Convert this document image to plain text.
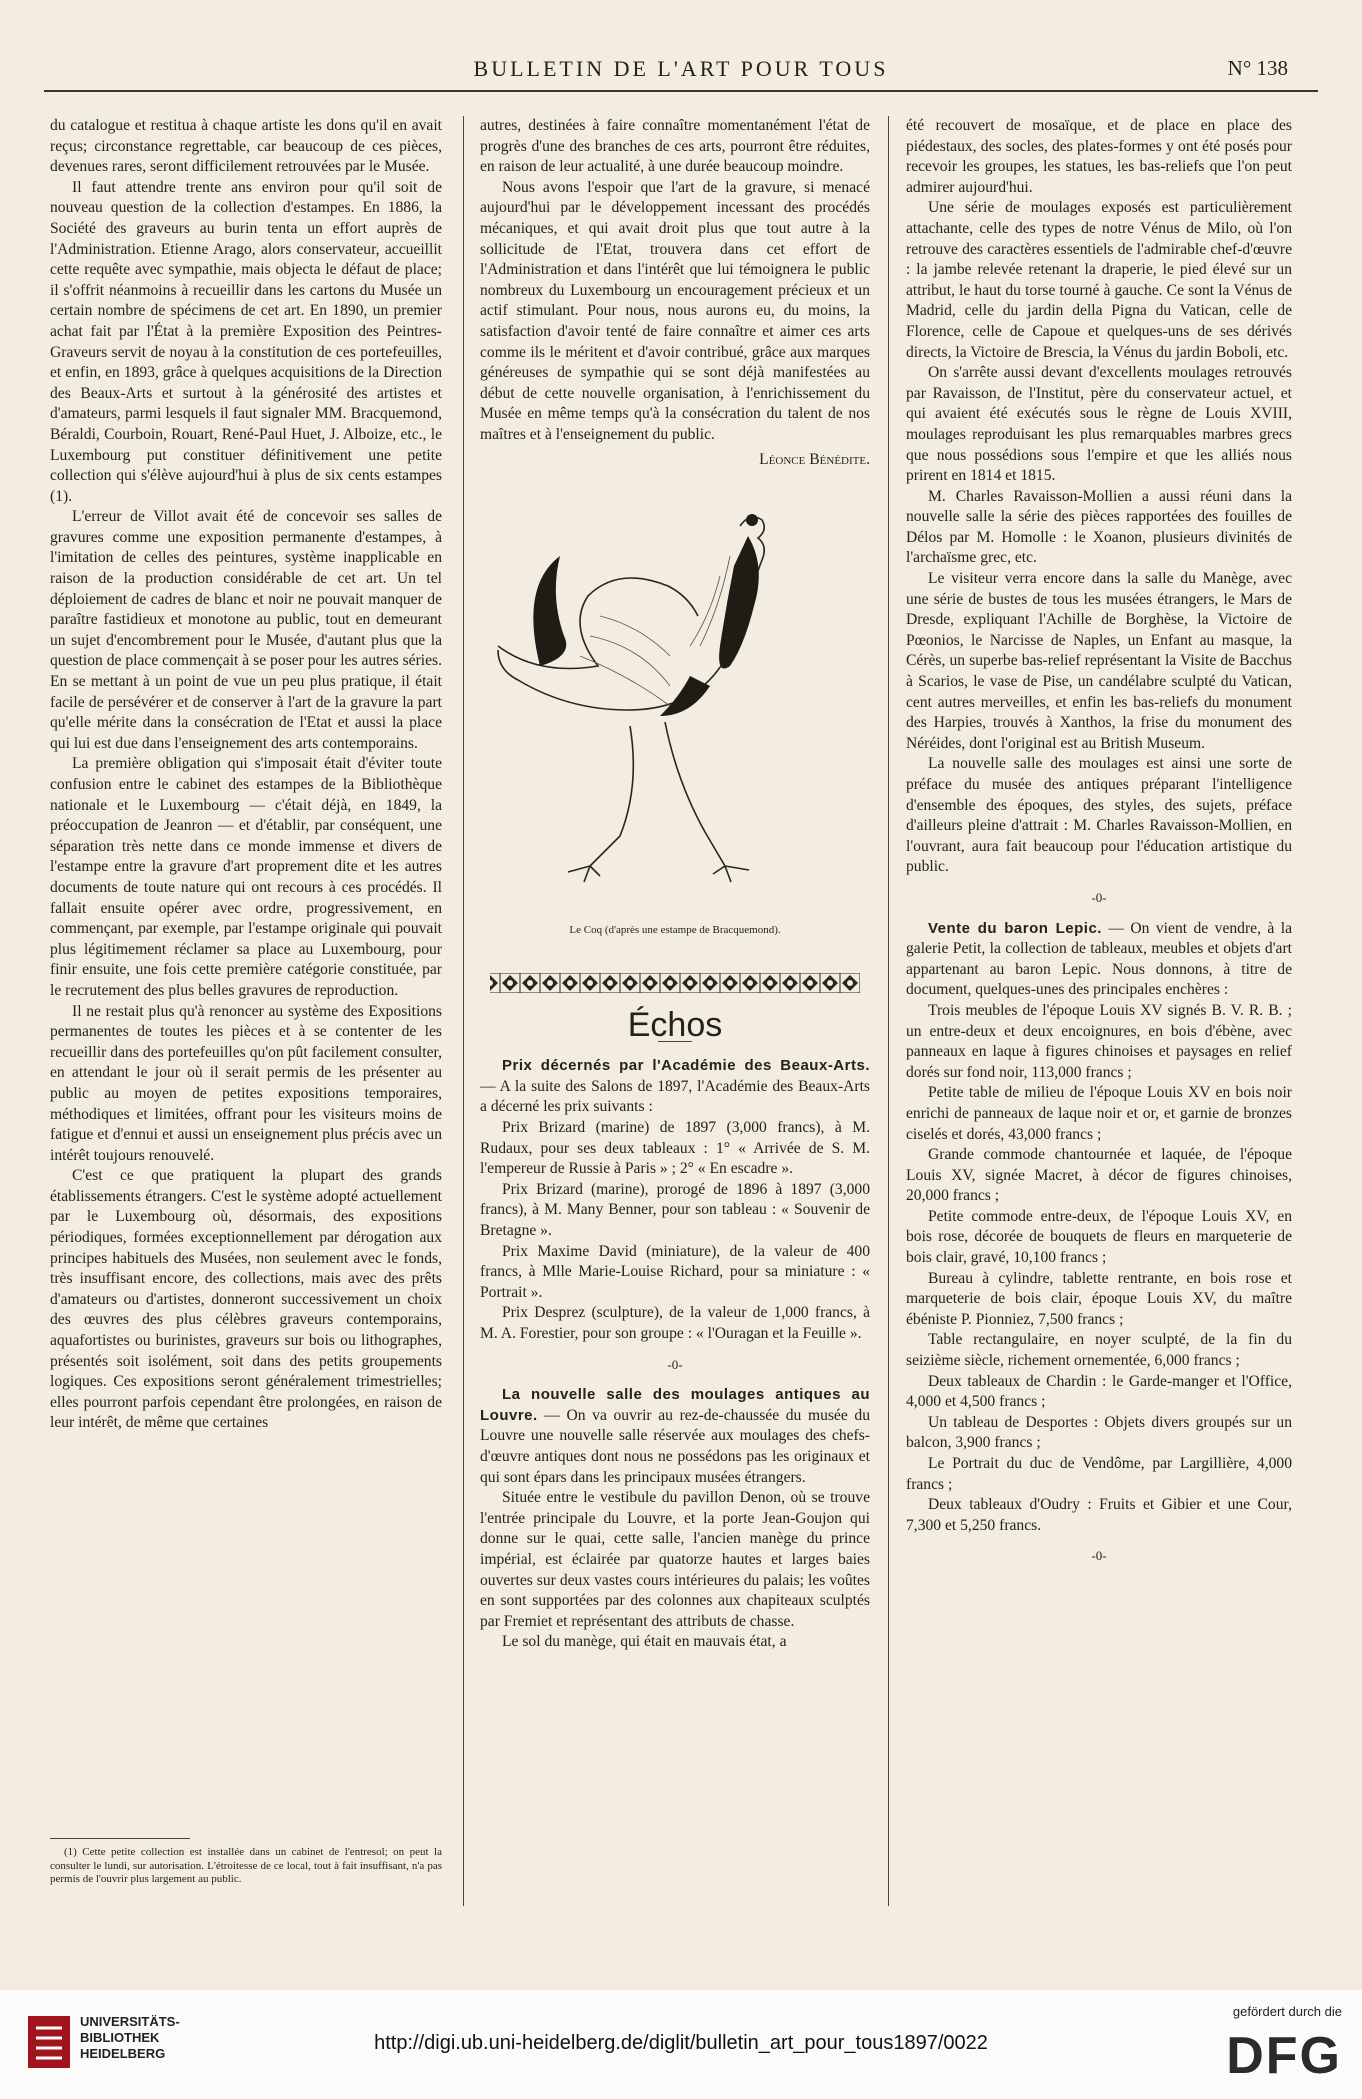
BULLETIN DE L'ART POUR TOUS	N° 138

du catalogue et restitua à chaque artiste les dons qu'il en avait reçus; circonstance regrettable, car beaucoup de ces pièces, devenues rares, seront difficilement retrouvées par le Musée.

Il faut attendre trente ans environ pour qu'il soit de nouveau question de la collection d'estampes. En 1886, la Société des graveurs au burin tenta un effort auprès de l'Administration. Etienne Arago, alors conservateur, accueillit cette requête avec sympathie, mais objecta le défaut de place; il s'offrit néanmoins à recueillir dans les cartons du Musée un certain nombre de spécimens de cet art. En 1890, un premier achat fait par l'État à la première Exposition des Peintres-Graveurs servit de noyau à la constitution de ces portefeuilles, et enfin, en 1893, grâce à quelques acquisitions de la Direction des Beaux-Arts et surtout à la générosité des artistes et d'amateurs, parmi lesquels il faut signaler MM. Bracquemond, Béraldi, Courboin, Rouart, René-Paul Huet, J. Alboize, etc., le Luxembourg put constituer définitivement une petite collection qui s'élève aujourd'hui à plus de six cents estampes (1).

L'erreur de Villot avait été de concevoir ses salles de gravures comme une exposition permanente d'estampes, à l'imitation de celles des peintures, système inapplicable en raison de la production considérable de cet art. Un tel déploiement de cadres de blanc et noir ne pouvait manquer de paraître fastidieux et monotone au public, tout en demeurant un sujet d'encombrement pour le Musée, d'autant plus que la question de place commençait à se poser pour les autres séries. En se mettant à un point de vue un peu plus pratique, il était facile de persévérer et de conserver à l'art de la gravure la part qu'elle mérite dans la consécration de l'Etat et aussi la place qui lui est due dans l'enseignement des arts contemporains.

La première obligation qui s'imposait était d'éviter toute confusion entre le cabinet des estampes de la Bibliothèque nationale et le Luxembourg — c'était déjà, en 1849, la préoccupation de Jeanron — et d'établir, par conséquent, une séparation très nette dans ce monde immense et divers de l'estampe entre la gravure d'art proprement dite et les autres documents de toute nature qui ont recours à ces procédés. Il fallait ensuite opérer avec ordre, progressivement, en commençant, par exemple, par l'estampe originale qui pouvait plus légitimement réclamer sa place au Luxembourg, pour finir ensuite, une fois cette première catégorie constituée, par le recrutement des plus belles gravures de reproduction.

Il ne restait plus qu'à renoncer au système des Expositions permanentes de toutes les pièces et à se contenter de les recueillir dans des portefeuilles qu'on pût facilement consulter, en attendant le jour où il serait permis de les présenter au public au moyen de petites expositions temporaires, méthodiques et limitées, offrant pour les visiteurs moins de fatigue et d'ennui et aussi un enseignement plus précis avec un intérêt toujours renouvelé.

C'est ce que pratiquent la plupart des grands établissements étrangers. C'est le système adopté actuellement par le Luxembourg où, désormais, des expositions périodiques, formées exceptionnellement par dérogation aux principes habituels des Musées, non seulement avec le fonds, très insuffisant encore, des collections, mais avec des prêts d'amateurs ou d'artistes, donneront successivement un choix des œuvres des plus célèbres graveurs contemporains, aquafortistes ou burinistes, graveurs sur bois ou lithographes, présentés soit isolément, soit dans des petits groupements logiques. Ces expositions seront généralement trimestrielles; elles pourront parfois cependant être prolongées, en raison de leur intérêt, de même que certaines

(1) Cette petite collection est installée dans un cabinet de l'entresol; on peut la consulter le lundi, sur autorisation. L'étroitesse de ce local, tout à fait insuffisant, n'a pas permis de l'ouvrir plus largement au public.

autres, destinées à faire connaître momentanément l'état de progrès d'une des branches de ces arts, pourront être réduites, en raison de leur actualité, à une durée beaucoup moindre.

Nous avons l'espoir que l'art de la gravure, si menacé aujourd'hui par le développement incessant des procédés mécaniques, et qui avait droit plus que tout autre à la sollicitude de l'Etat, trouvera dans cet effort de l'Administration et dans l'intérêt que lui témoignera le public nombreux du Luxembourg un encouragement précieux et un actif stimulant. Pour nous, nous aurons eu, du moins, la satisfaction d'avoir tenté de faire connaître et aimer ces arts comme ils le méritent et d'avoir contribué, grâce aux marques généreuses de sympathie qui se sont déjà manifestées au début de cette nouvelle organisation, à l'enrichissement du Musée en même temps qu'à la consécration du talent de nos maîtres et à l'enseignement du public.

Léonce Bénédite.

Le Coq (d'après une estampe de Bracquemond).
Échos

Prix décernés par l'Académie des Beaux-Arts. — A la suite des Salons de 1897, l'Académie des Beaux-Arts a décerné les prix suivants :

Prix Brizard (marine) de 1897 (3,000 francs), à M. Rudaux, pour ses deux tableaux : 1° « Arrivée de S. M. l'empereur de Russie à Paris » ; 2° « En escadre ».

Prix Brizard (marine), prorogé de 1896 à 1897 (3,000 francs), à M. Many Benner, pour son tableau : « Souvenir de Bretagne ».

Prix Maxime David (miniature), de la valeur de 400 francs, à Mlle Marie-Louise Richard, pour sa miniature : « Portrait ».

Prix Desprez (sculpture), de la valeur de 1,000 francs, à M. A. Forestier, pour son groupe : « l'Ouragan et la Feuille ».

-0-

La nouvelle salle des moulages antiques au Louvre. — On va ouvrir au rez-de-chaussée du musée du Louvre une nouvelle salle réservée aux moulages des chefs-d'œuvre antiques dont nous ne possédons pas les originaux et qui sont épars dans les principaux musées étrangers.

Située entre le vestibule du pavillon Denon, où se trouve l'entrée principale du Louvre, et la porte Jean-Goujon qui donne sur le quai, cette salle, l'ancien manège du prince impérial, est éclairée par quatorze hautes et larges baies ouvertes sur deux vastes cours intérieures du palais; les voûtes en sont supportées par des colonnes aux chapiteaux sculptés par Fremiet et représentant des attributs de chasse.

Le sol du manège, qui était en mauvais état, a

été recouvert de mosaïque, et de place en place des piédestaux, des socles, des plates-formes y ont été posés pour recevoir les groupes, les statues, les bas-reliefs que l'on peut admirer aujourd'hui.

Une série de moulages exposés est particulièrement attachante, celle des types de notre Vénus de Milo, où l'on retrouve des caractères essentiels de l'admirable chef-d'œuvre : la jambe relevée retenant la draperie, le pied élevé sur un attribut, le haut du torse tourné à gauche. Ce sont la Vénus de Madrid, celle du jardin della Pigna du Vatican, celle de Florence, celle de Capoue et quelques-uns de ses dérivés directs, la Victoire de Brescia, la Vénus du jardin Boboli, etc.

On s'arrête aussi devant d'excellents moulages retrouvés par Ravaisson, de l'Institut, père du conservateur actuel, et qui avaient été exécutés sous le règne de Louis XVIII, moulages reproduisant les plus remarquables marbres grecs que nous possédions sous l'empire et que les alliés nous prirent en 1814 et 1815.

M. Charles Ravaisson-Mollien a aussi réuni dans la nouvelle salle la série des pièces rapportées des fouilles de Délos par M. Homolle : le Xoanon, plusieurs divinités de l'archaïsme grec, etc.

Le visiteur verra encore dans la salle du Manège, avec une série de bustes de tous les musées étrangers, le Mars de Dresde, expliquant l'Achille de Borghèse, la Victoire de Pœonios, le Narcisse de Naples, un Enfant au masque, la Cérès, un superbe bas-relief représentant la Visite de Bacchus à Scarios, le vase de Pise, un candélabre sculpté du Vatican, cent autres merveilles, et enfin les bas-reliefs du monument des Harpies, trouvés à Xanthos, la frise du monument des Néréides, dont l'original est au British Museum.

La nouvelle salle des moulages est ainsi une sorte de préface du musée des antiques préparant l'intelligence d'ensemble des époques, des styles, des sujets, préface d'ailleurs pleine d'attrait : M. Charles Ravaisson-Mollien, en l'ouvrant, aura fait beaucoup pour l'éducation artistique du public.

-0-

Vente du baron Lepic. — On vient de vendre, à la galerie Petit, la collection de tableaux, meubles et objets d'art appartenant au baron Lepic. Nous donnons, à titre de document, quelques-unes des principales enchères :

Trois meubles de l'époque Louis XV signés B. V. R. B. ; un entre-deux et deux encoignures, en bois d'ébène, avec panneaux en laque à figures chinoises et paysages en relief dorés sur fond noir, 113,000 francs ;

Petite table de milieu de l'époque Louis XV en bois noir enrichi de panneaux de laque noir et or, et garnie de bronzes ciselés et dorés, 43,000 francs ;

Grande commode chantournée et laquée, de l'époque Louis XV, signée Macret, à décor de figures chinoises, 20,000 francs ;

Petite commode entre-deux, de l'époque Louis XV, en bois rose, décorée de bouquets de fleurs en marqueterie de bois clair, gravé, 10,100 francs ;

Bureau à cylindre, tablette rentrante, en bois rose et marqueterie de bois clair, époque Louis XV, du maître ébéniste P. Pionniez, 7,500 francs ;

Table rectangulaire, en noyer sculpté, de la fin du seizième siècle, richement ornementée, 6,000 francs ;

Deux tableaux de Chardin : le Garde-manger et l'Office, 4,000 et 4,500 francs ;

Un tableau de Desportes : Objets divers groupés sur un balcon, 3,900 francs ;

Le Portrait du duc de Vendôme, par Largillière, 4,000 francs ;

Deux tableaux d'Oudry : Fruits et Gibier et une Cour, 7,300 et 5,250 francs.

-0-
UNIVERSITÄTS-
BIBLIOTHEK
HEIDELBERG	http://digi.ub.uni-heidelberg.de/diglit/bulletin_art_pour_tous1897/0022
gefördert durch die
DFG
